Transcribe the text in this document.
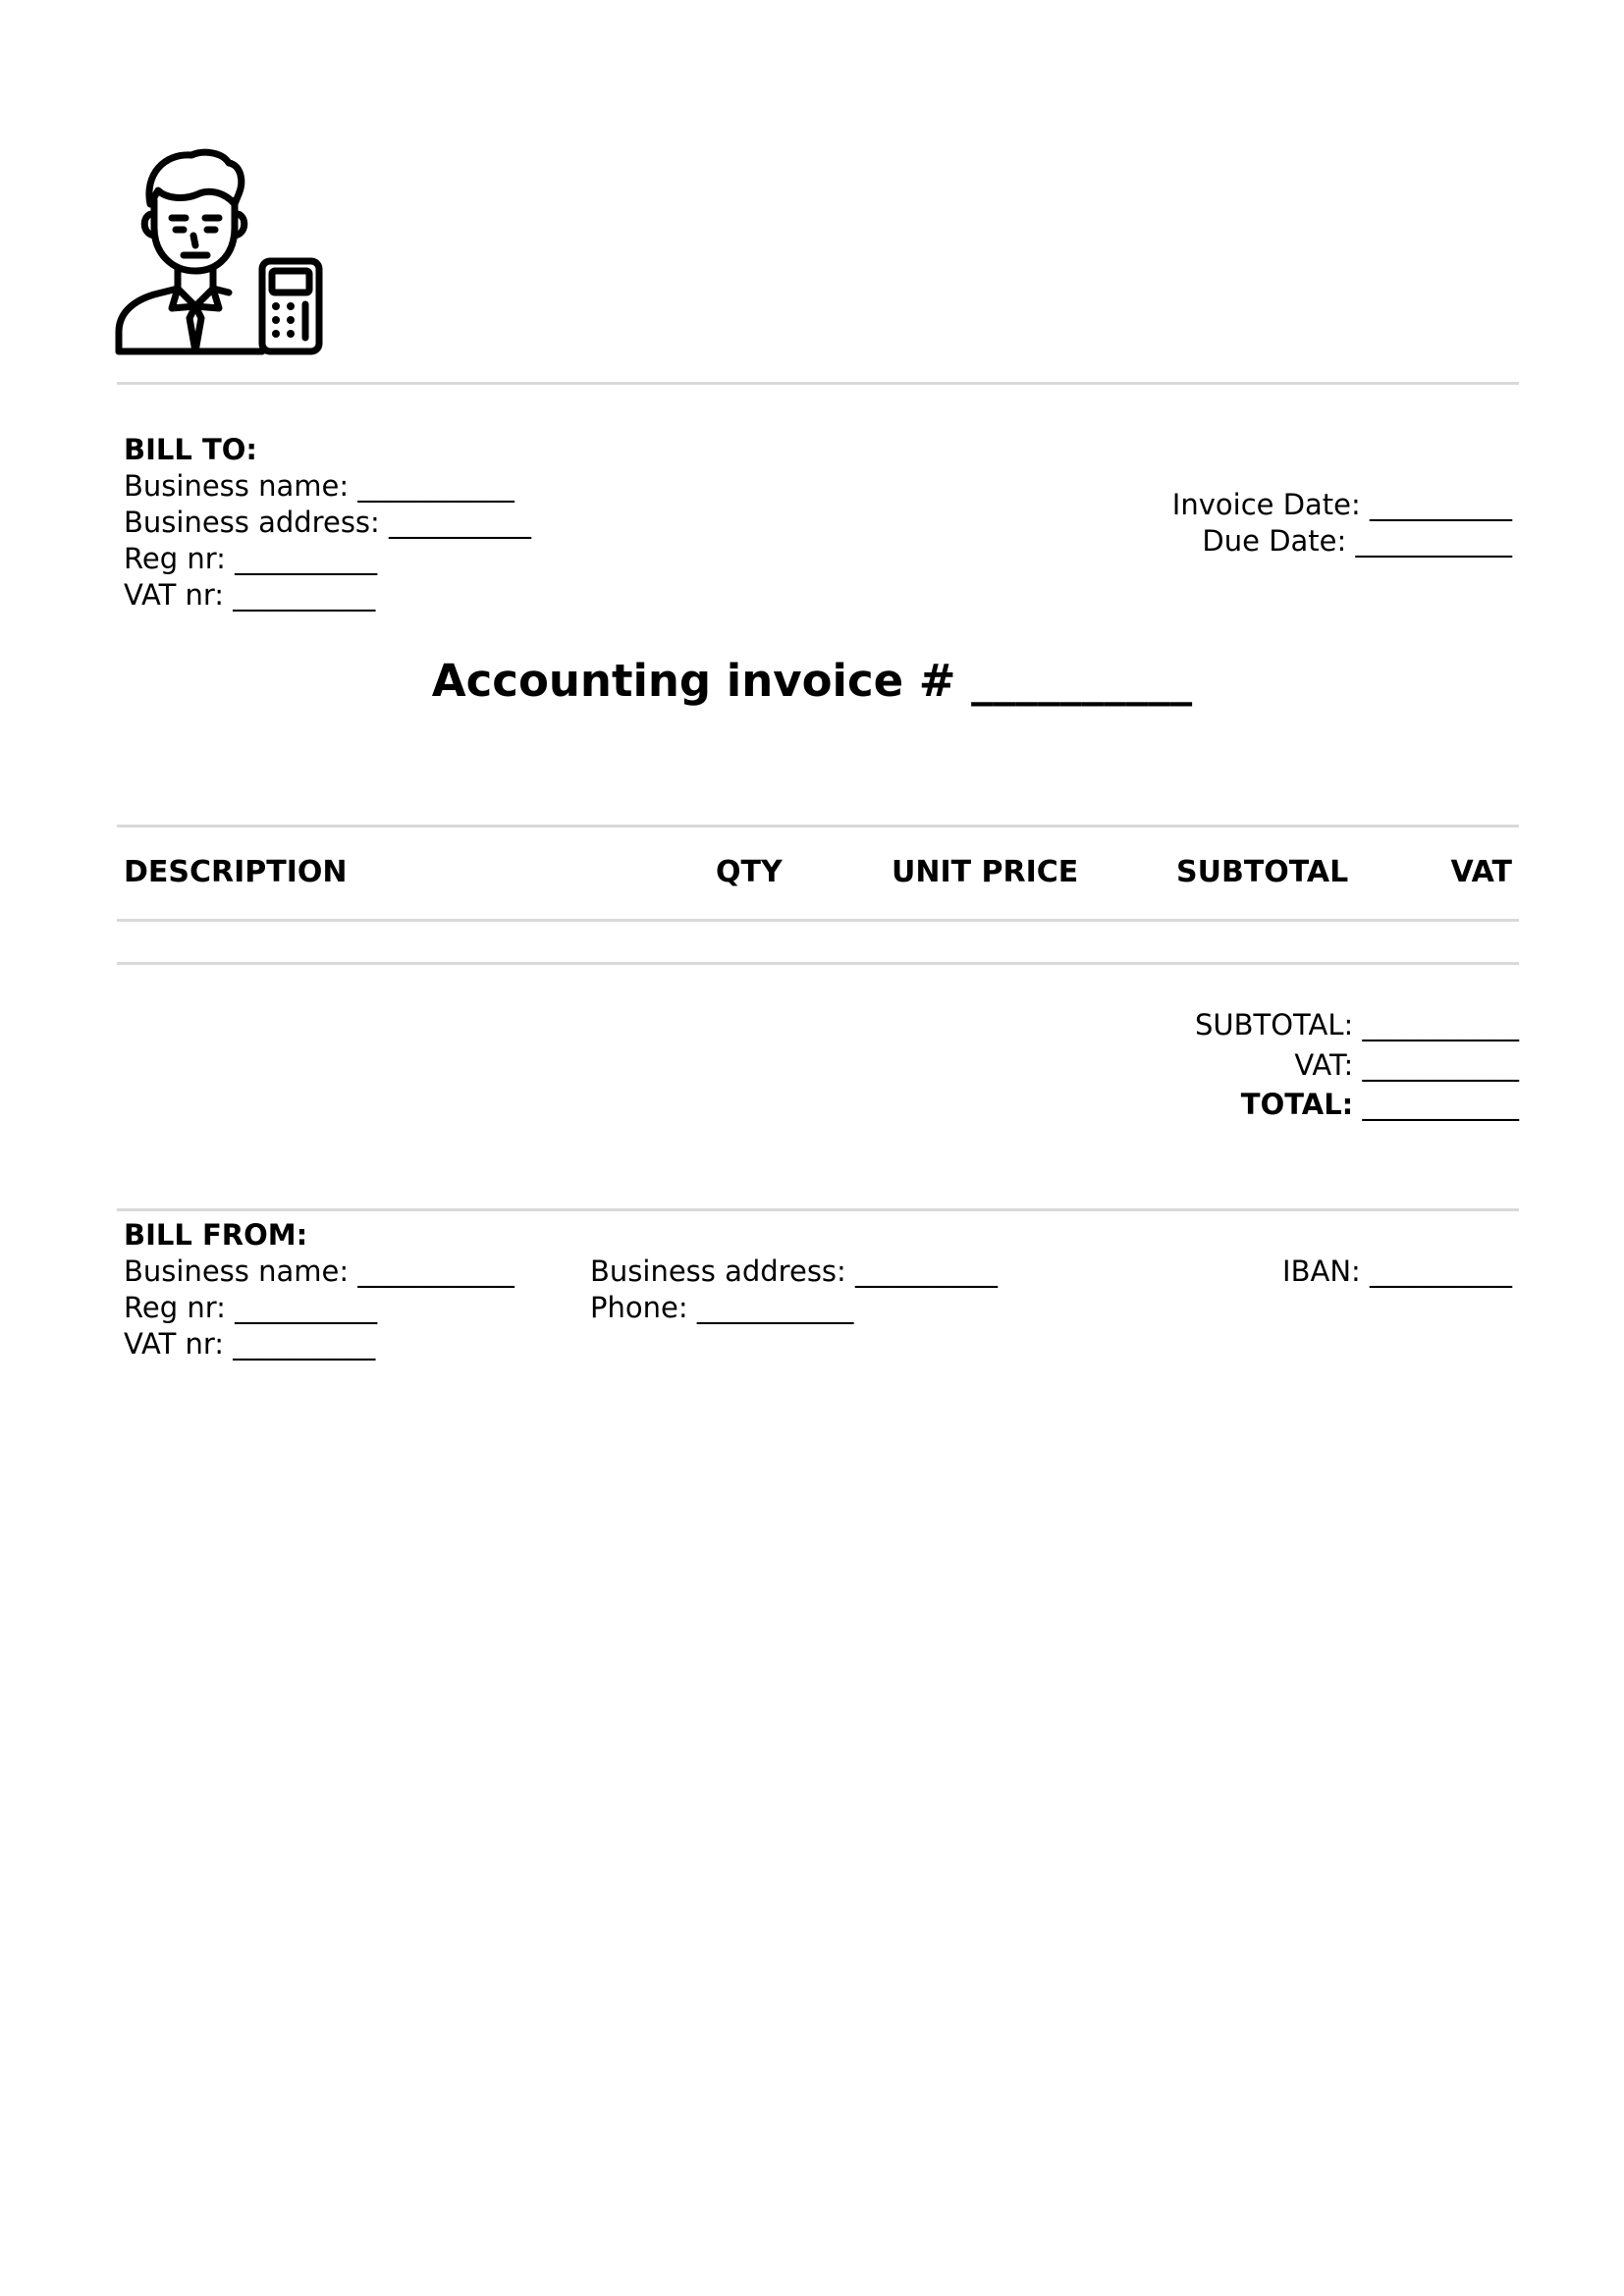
BILL TO:
Business name: ___________
Business address: __________
Reg nr: __________
VAT nr: __________
Invoice Date: __________
Due Date: ___________
Accounting invoice # __________
DESCRIPTION	QTY	UNIT PRICE	SUBTOTAL	VAT
SUBTOTAL: ___________
VAT: ___________
TOTAL: ___________
BILL FROM:
Business name: ___________
Reg nr: __________
VAT nr: __________
Business address: __________
Phone: ___________
IBAN: __________
